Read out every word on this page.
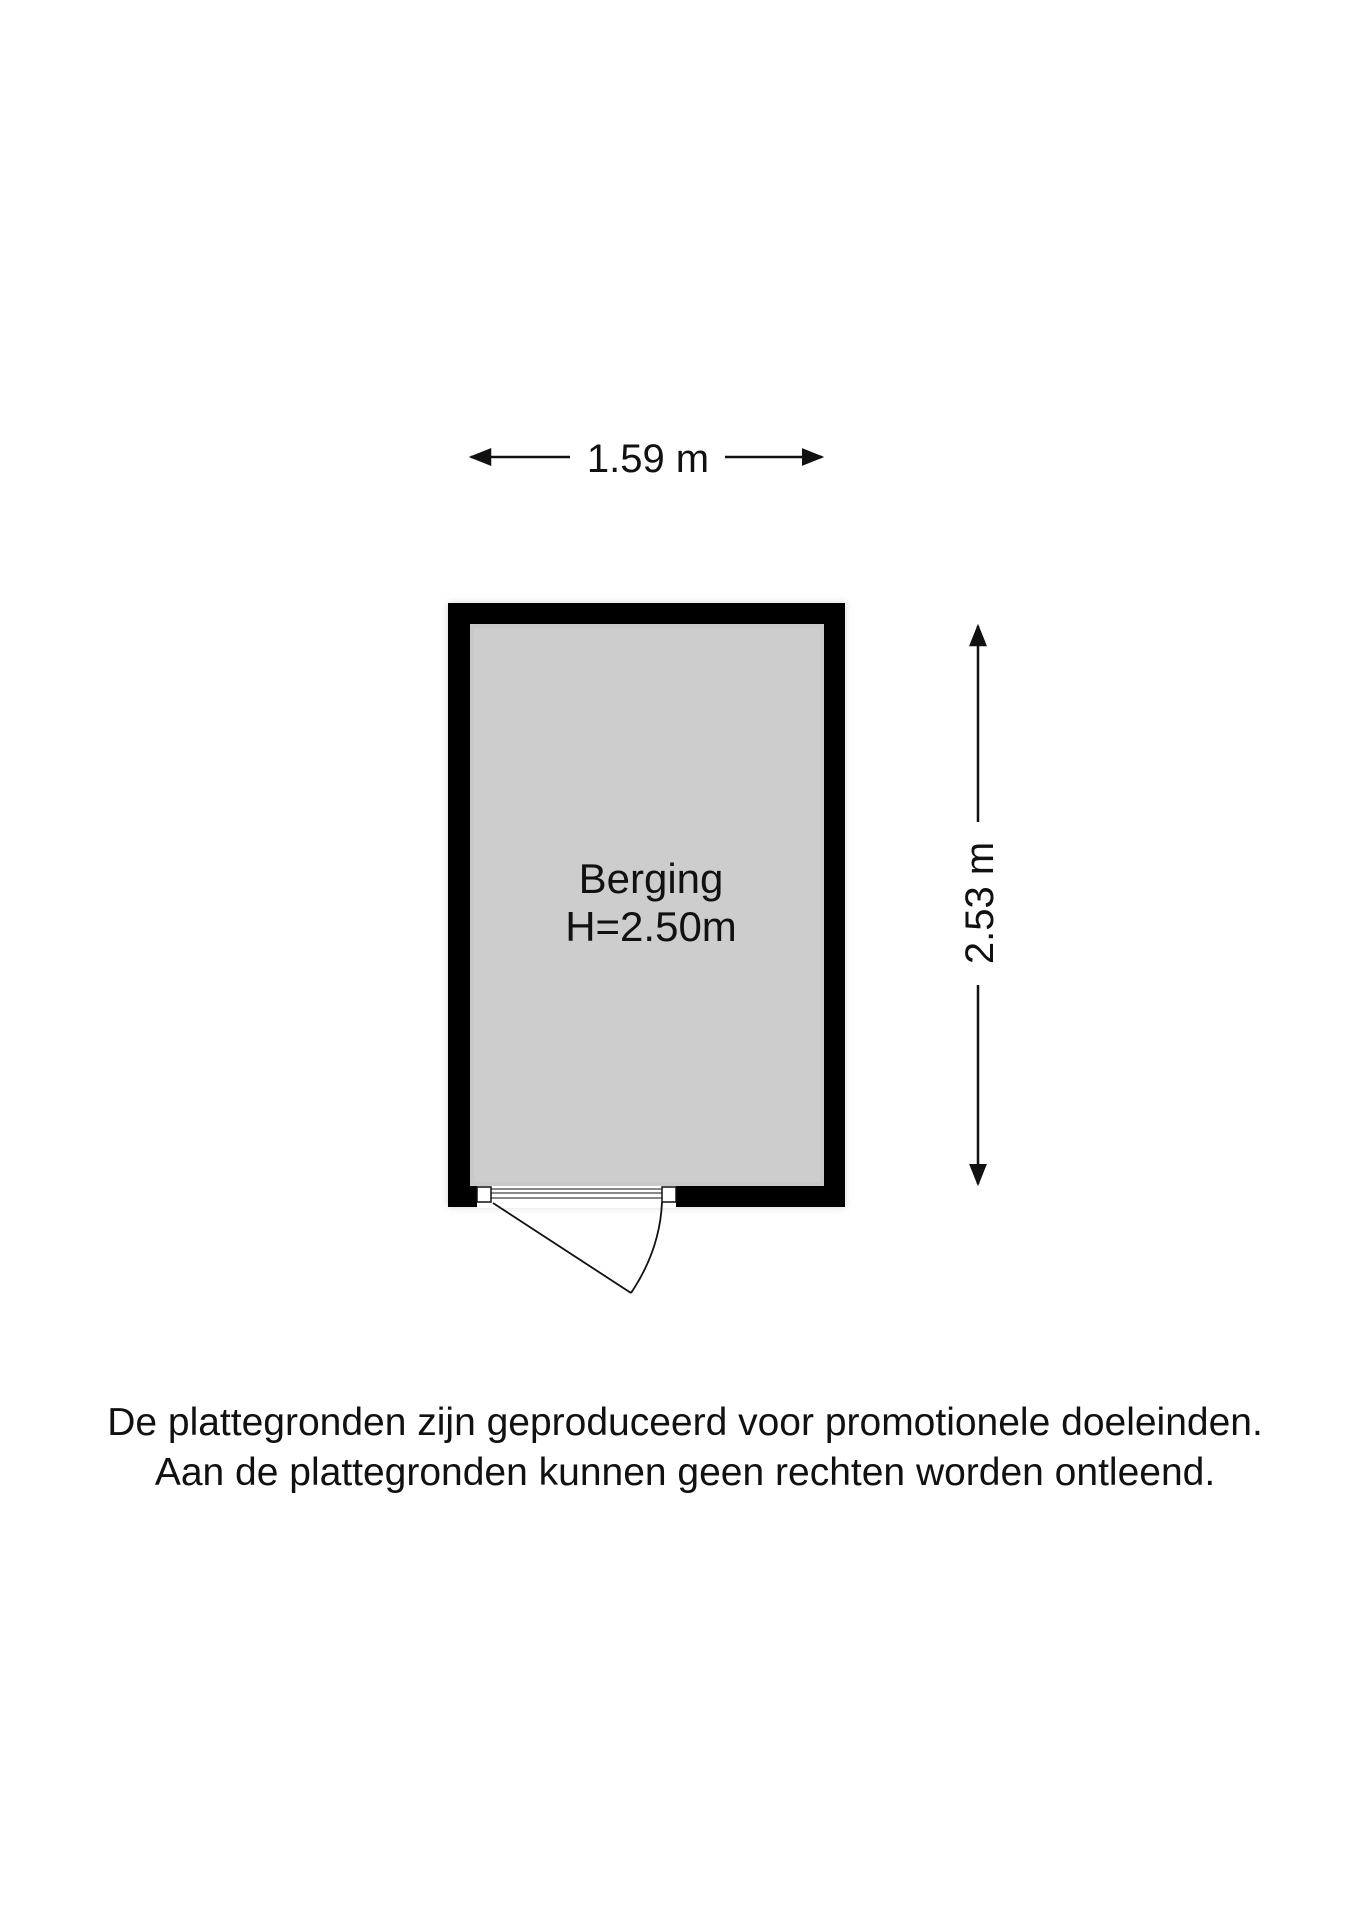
1.59 m
Berging
H=2.50m	2.53 m
De plattegronden zijn geproduceerd voor promotionele doeleinden.
Aan de plattegronden kunnen geen rechten worden ontleend.
